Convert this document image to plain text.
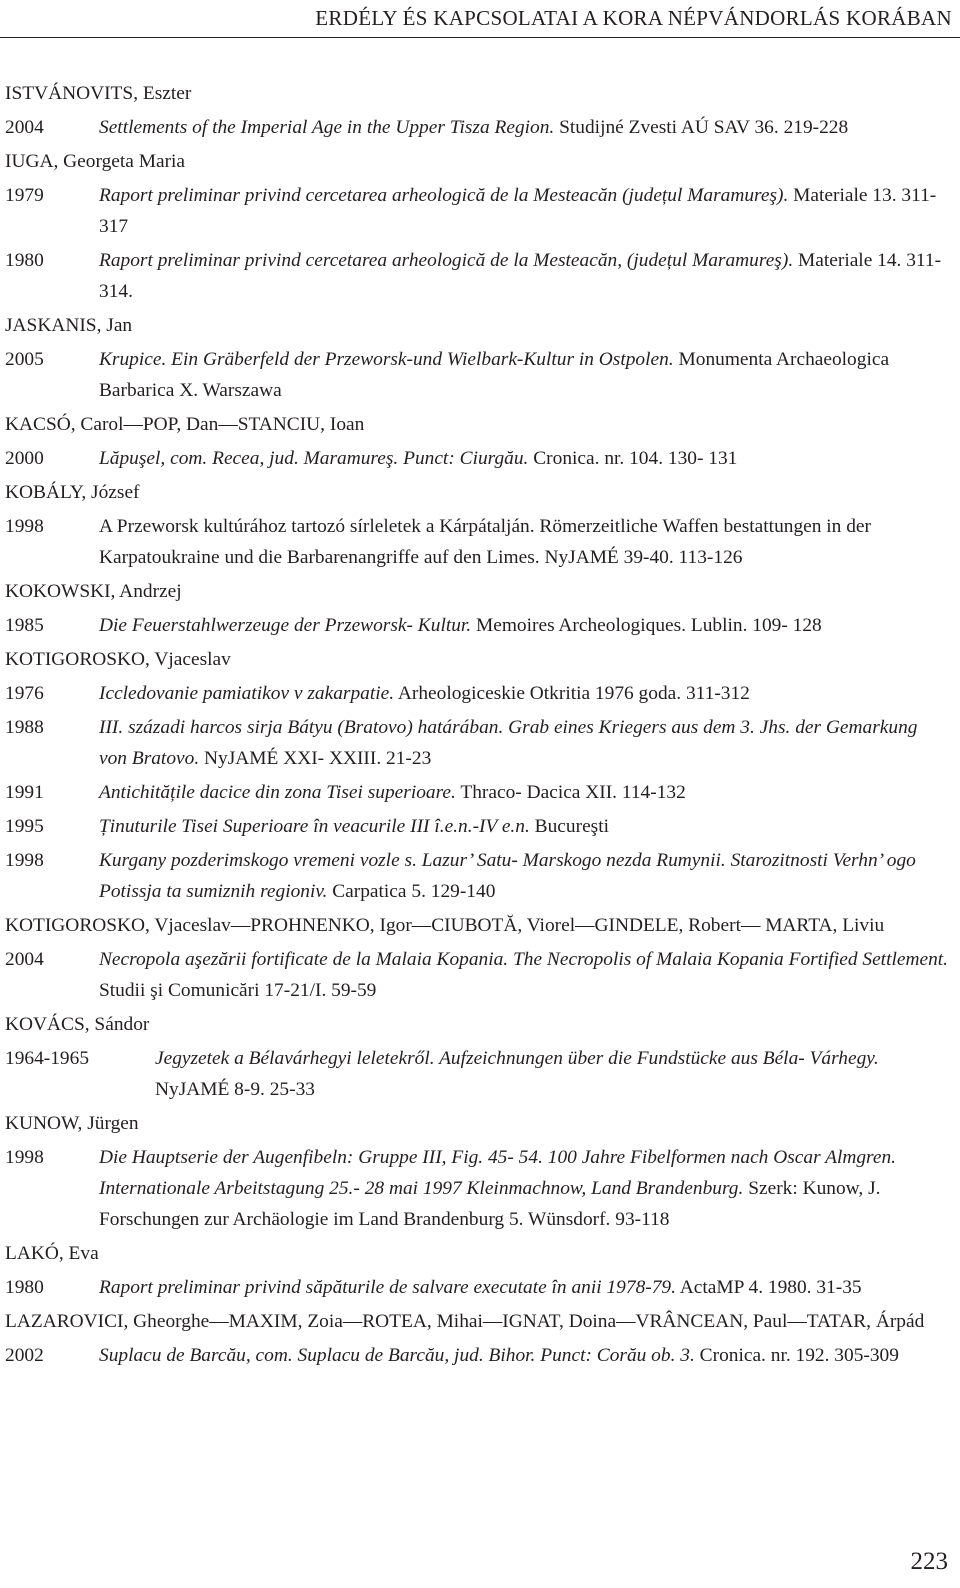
ERDÉLY ÉS KAPCSOLATAI A KORA NÉPVÁNDORLÁS KORÁBAN
ISTVÁNOVITS, Eszter
2004	Settlements of the Imperial Age in the Upper Tisza Region. Studijné Zvesti AÚ SAV 36. 219-228
IUGA, Georgeta Maria
1979	Raport preliminar privind cercetarea arheologică de la Mesteacăn (județul Maramureş). Materiale 13. 311-317
1980	Raport preliminar privind cercetarea arheologică de la Mesteacăn, (județul Maramureş). Materiale 14. 311-314.
JASKANIS, Jan
2005	Krupice. Ein Gräberfeld der Przeworsk-und Wielbark-Kultur in Ostpolen. Monumenta Archaeologica Barbarica X. Warszawa
KACSÓ, Carol—POP, Dan—STANCIU, Ioan
2000	Lăpuşel, com. Recea, jud. Maramureş. Punct: Ciurgău. Cronica. nr. 104. 130- 131
KOBÁLY, József
1998	A Przeworsk kultúrához tartozó sírleletek a Kárpátalján. Römerzeitliche Waffen bestattungen in der Karpatoukraine und die Barbarenangriffe auf den Limes. NyJAMÉ 39-40. 113-126
KOKOWSKI, Andrzej
1985	Die Feuerstahlwerzeuge der Przeworsk- Kultur. Memoires Archeologiques. Lublin. 109- 128
KOTIGOROSKO, Vjaceslav
1976	Iccledovanie pamiatikov v zakarpatie. Arheologiceskie Otkritia 1976 goda. 311-312
1988	III. századi harcos sirja Bátyu (Bratovo) határában. Grab eines Kriegers aus dem 3. Jhs. der Gemarkung von Bratovo. NyJAMÉ XXI- XXIII. 21-23
1991	Antichitățile dacice din zona Tisei superioare. Thraco- Dacica XII. 114-132
1995	Ținuturile Tisei Superioare în veacurile III î.e.n.-IV e.n. Bucureşti
1998	Kurgany pozderimskogo vremeni vozle s. Lazur’ Satu- Marskogo nezda Rumynii. Starozitnosti Verhn’ ogo Potissja ta sumiznih regioniv. Carpatica 5. 129-140
KOTIGOROSKO, Vjaceslav—PROHNENKO, Igor—CIUBOTĂ, Viorel—GINDELE, Robert— MARTA, Liviu
2004	Necropola aşezării fortificate de la Malaia Kopania. The Necropolis of Malaia Kopania Fortified Settlement. Studii şi Comunicări 17-21/I. 59-59
KOVÁCS, Sándor
1964-1965	Jegyzetek a Bélavárhegyi leletekről. Aufzeichnungen über die Fundstücke aus Béla- Várhegy. NyJAMÉ 8-9. 25-33
KUNOW, Jürgen
1998	Die Hauptserie der Augenfibeln: Gruppe III, Fig. 45- 54. 100 Jahre Fibelformen nach Oscar Almgren. Internationale Arbeitstagung 25.- 28 mai 1997 Kleinmachnow, Land Brandenburg. Szerk: Kunow, J. Forschungen zur Archäologie im Land Brandenburg 5. Wünsdorf. 93-118
LAKÓ, Eva
1980	Raport preliminar privind săpăturile de salvare executate în anii 1978-79. ActaMP 4. 1980. 31-35
LAZAROVICI, Gheorghe—MAXIM, Zoia—ROTEA, Mihai—IGNAT, Doina—VRÂNCEAN, Paul—TATAR, Árpád
2002	Suplacu de Barcău, com. Suplacu de Barcău, jud. Bihor. Punct: Corău ob. 3. Cronica. nr. 192. 305-309
223
